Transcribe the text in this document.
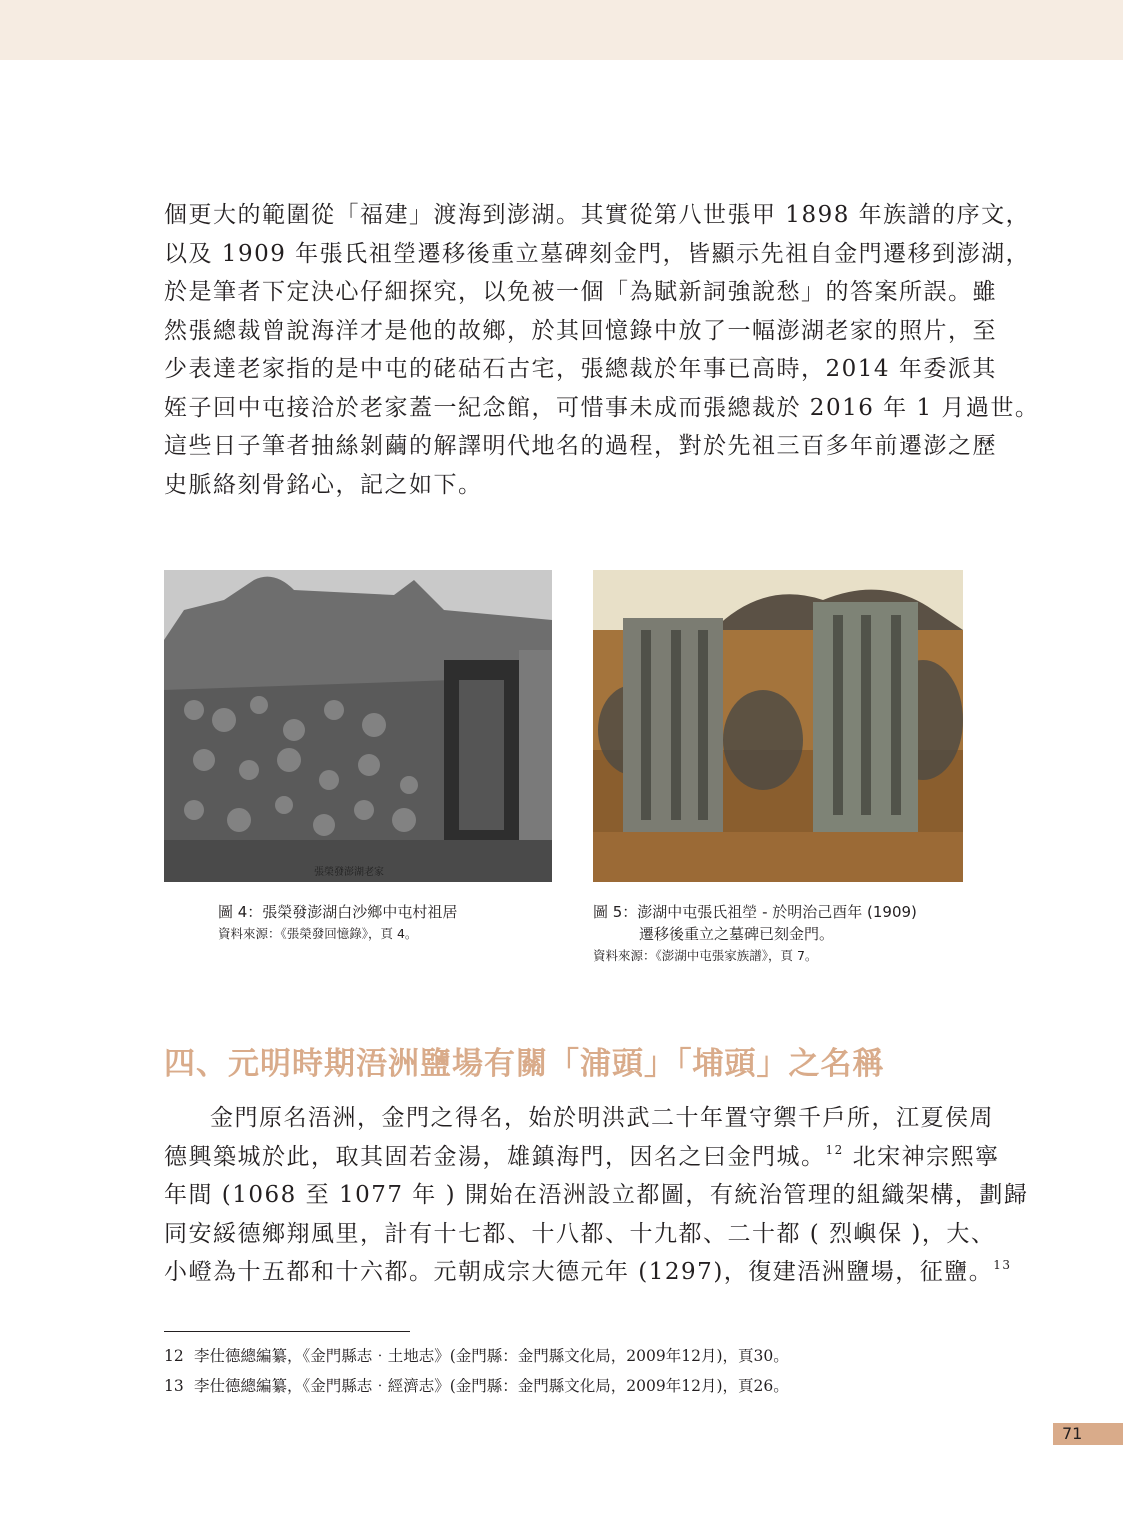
個更大的範圍從「福建」渡海到澎湖。其實從第八世張甲 1898 年族譜的序文，
以及 1909 年張氏祖塋遷移後重立墓碑刻金門，皆顯示先祖自金門遷移到澎湖，
於是筆者下定決心仔細探究，以免被一個「為賦新詞強說愁」的答案所誤。雖
然張總裁曾說海洋才是他的故鄉，於其回憶錄中放了一幅澎湖老家的照片，至
少表達老家指的是中屯的硓𥑮石古宅，張總裁於年事已高時，2014 年委派其
姪子回中屯接洽於老家蓋一紀念館，可惜事未成而張總裁於 2016 年 1 月過世。
這些日子筆者抽絲剝繭的解譯明代地名的過程，對於先祖三百多年前遷澎之歷
史脈絡刻骨銘心，記之如下。
張榮發澎湖老家
圖 4：張榮發澎湖白沙鄉中屯村祖居
資料來源：《張榮發回憶錄》，頁 4。
圖 5：澎湖中屯張氏祖塋 - 於明治己酉年 (1909)
遷移後重立之墓碑已刻金門。
資料來源：《澎湖中屯張家族譜》，頁 7。
四、元明時期浯洲鹽場有關「浦頭」「埔頭」之名稱
金門原名浯洲，金門之得名，始於明洪武二十年置守禦千戶所，江夏侯周
德興築城於此，取其固若金湯，雄鎮海門，因名之曰金門城。$^{12}$ 北宋神宗熙寧
年間 (1068 至 1077 年 ) 開始在浯洲設立都圖，有統治管理的組織架構，劃歸
同安綏德鄉翔風里，計有十七都、十八都、十九都、二十都 ( 烈嶼保 )，大、
小嶝為十五都和十六都。元朝成宗大德元年 (1297)，復建浯洲鹽場，征鹽。$^{13}$
12 李仕德總編纂，《金門縣志‧土地志》(金門縣：金門縣文化局，2009年12月)，頁30。
13 李仕德總編纂，《金門縣志‧經濟志》(金門縣：金門縣文化局，2009年12月)，頁26。
71
